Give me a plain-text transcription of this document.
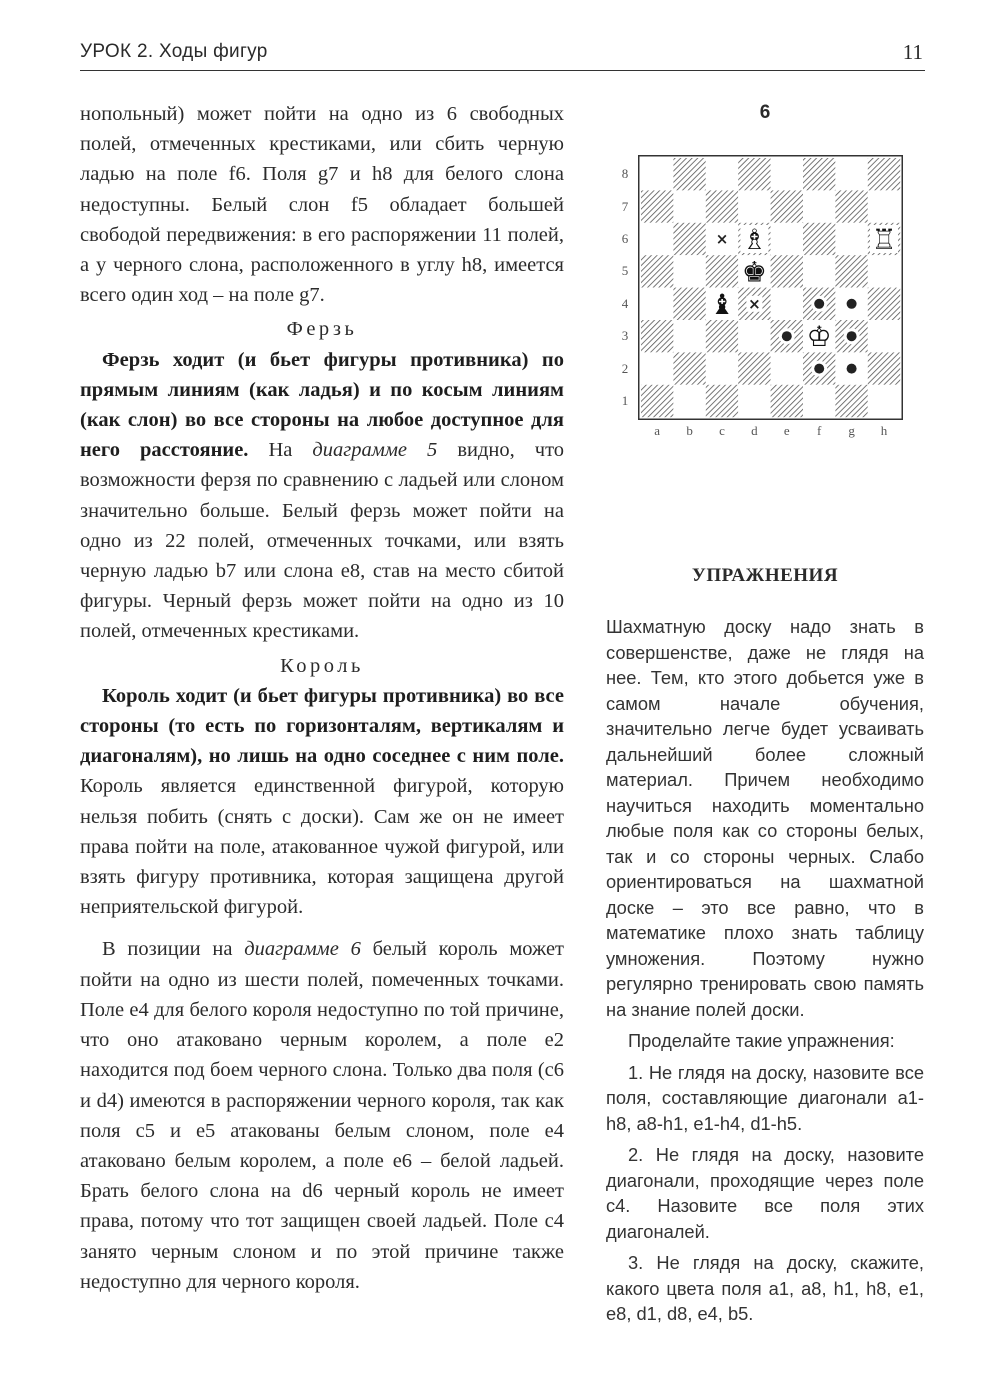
УРОК 2. Ходы фигур	11

нопольный) может пойти на одно из 6 свободных полей, отмеченных крестиками, или сбить черную ладью на поле f6. Поля g7 и h8 для белого слона недоступны. Белый слон f5 обладает большей свободой передвижения: в его распоряжении 11 полей, а у черного слона, расположенного в углу h8, имеется всего один ход – на поле g7.

Ферзь

Ферзь ходит (и бьет фигуры противника) по прямым линиям (как ладья) и по косым линиям (как слон) во все стороны на любое доступное для него расстояние. На диаграмме 5 видно, что возможности ферзя по сравнению с ладьей или слоном значительно больше. Белый ферзь может пойти на одно из 22 полей, отмеченных точками, или взять черную ладью b7 или слона e8, став на место сбитой фигуры. Черный ферзь может пойти на одно из 10 полей, отмеченных крестиками.

Король

Король ходит (и бьет фигуры противника) во все стороны (то есть по горизонталям, вертикалям и диагоналям), но лишь на одно соседнее с ним поле. Король является единственной фигурой, которую нельзя побить (снять с доски). Сам же он не имеет права пойти на поле, атакованное чужой фигурой, или взять фигуру противника, которая защищена другой неприятельской фигурой.

В позиции на диаграмме 6 белый король может пойти на одно из шести полей, помеченных точками. Поле e4 для белого короля недоступно по той причине, что оно атаковано черным королем, а поле e2 находится под боем черного слона. Только два поля (c6 и d4) имеются в распоряжении черного короля, так как поля c5 и e5 атакованы белым слоном, поле e4 атаковано белым королем, а поле e6 – белой ладьей. Брать белого слона на d6 черный король не имеет права, потому что тот защищен своей ладьей. Поле c4 занято черным слоном и по этой причине также недоступно для черного короля.

6
8
7
6
5
4
3
2
1
×
×
♗	♖
♚
♝
♔
a	b	c	d	e	f	g	h
УПРАЖНЕНИЯ

Шахматную доску надо знать в совершенстве, даже не глядя на нее. Тем, кто этого добьется уже в самом начале обучения, значительно легче будет усваивать дальнейший более сложный материал. Причем необходимо научиться находить моментально любые поля как со стороны белых, так и со стороны черных. Слабо ориентироваться на шахматной доске – это все равно, что в математике плохо знать таблицу умножения. Поэтому нужно регулярно тренировать свою память на знание полей доски.

Проделайте такие упражнения:

1. Не глядя на доску, назовите все поля, составляющие диагонали a1-h8, a8-h1, e1-h4, d1-h5.

2. Не глядя на доску, назовите диагонали, проходящие через поле c4. Назовите все поля этих диагоналей.

3. Не глядя на доску, скажите, какого цвета поля a1, a8, h1, h8, e1, e8, d1, d8, e4, b5.
